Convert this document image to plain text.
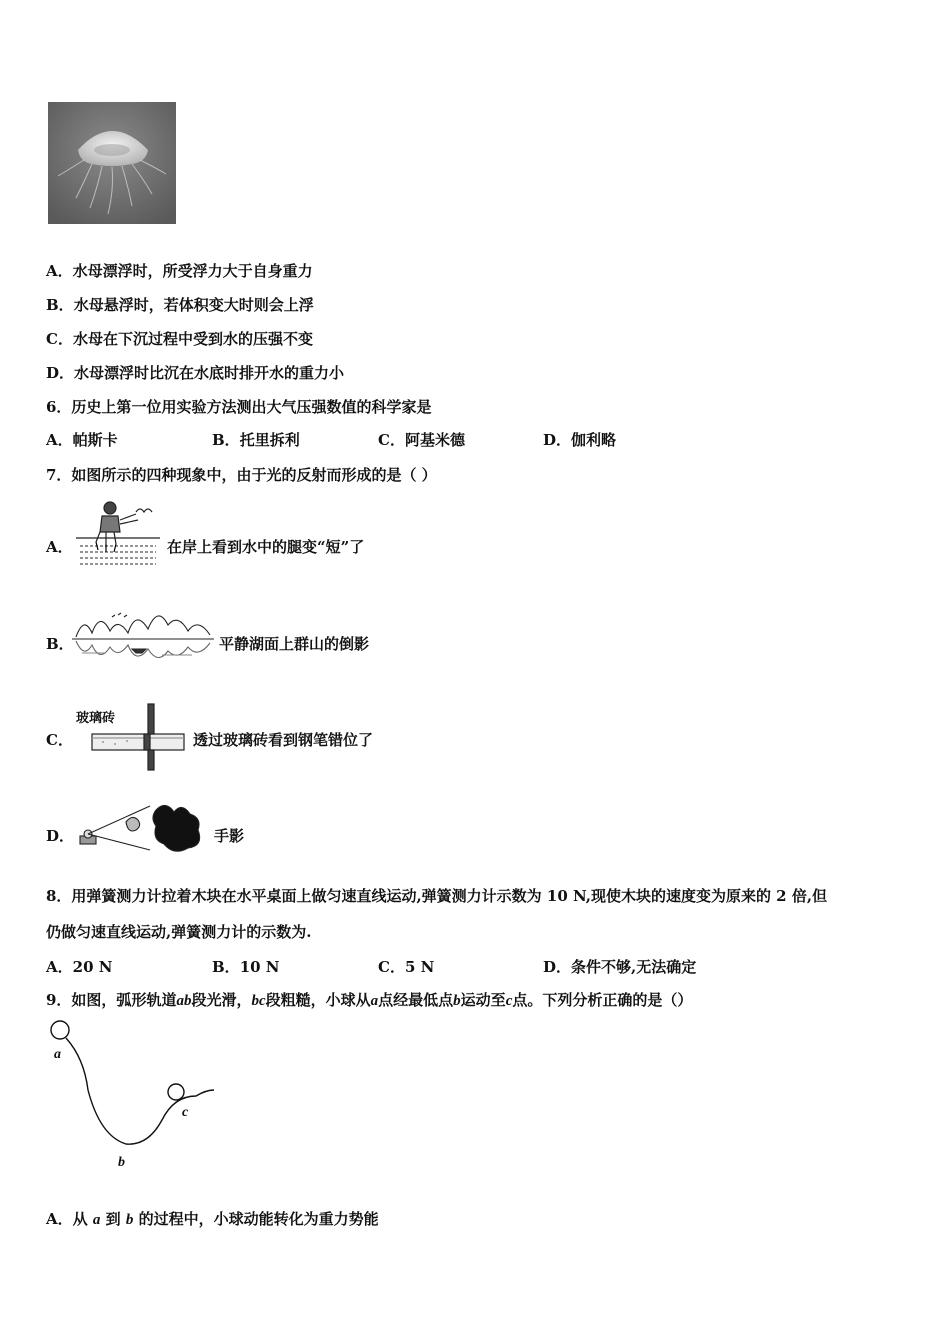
A．水母漂浮时，所受浮力大于自身重力
B．水母悬浮时，若体积变大时则会上浮
C．水母在下沉过程中受到水的压强不变
D．水母漂浮时比沉在水底时排开水的重力小
6．历史上第一位用实验方法测出大气压强数值的科学家是
A．帕斯卡	B．托里拆利	C．阿基米德	D．伽利略
7．如图所示的四种现象中，由于光的反射而形成的是（ ）
A．	在岸上看到水中的腿变“短”了
B．	平静湖面上群山的倒影
C．
玻璃砖
透过玻璃砖看到钢笔错位了
D．	手影
8．用弹簧测力计拉着木块在水平桌面上做匀速直线运动,弹簧测力计示数为 10 N,现使木块的速度变为原来的 2 倍,但
仍做匀速直线运动,弹簧测力计的示数为.
A．20 N	B．10 N	C．5 N	D．条件不够,无法确定
9．如图，弧形轨道ab段光滑，bc段粗糙，小球从a点经最低点b运动至c点。下列分析正确的是（）
a
b
c
A．从 a 到 b 的过程中，小球动能转化为重力势能
